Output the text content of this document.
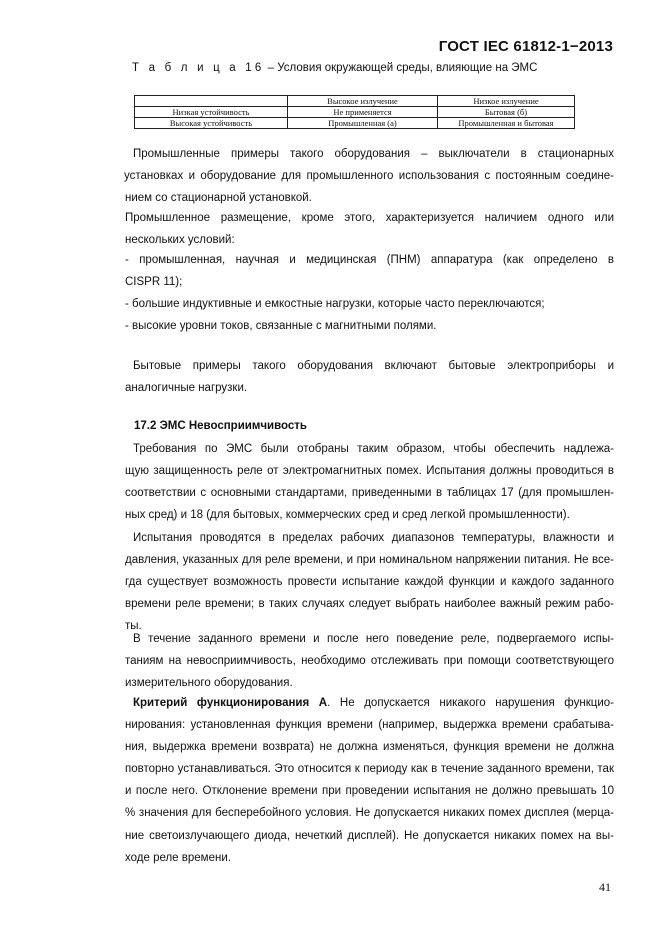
ГОСТ IEC 61812-1−2013
Т а б л и ц а 16 – Условия окружающей среды, влияющие на ЭМС
	Высокое излучение	Низкое излучение
Низкая устойчивость	Не применяется	Бытовая (б)
Высокая устойчивость	Промышленная (а)	Промышленная и бытовая
Промышленные примеры такого оборудования – выключатели в стационарных
установках и оборудование для промышленного использования с постоянным соедине-
нием со стационарной установкой.
Промышленное размещение, кроме этого, характеризуется наличием одного или
нескольких условий:
- промышленная, научная и медицинская (ПНМ) аппаратура (как определено в
CISPR 11);
- большие индуктивные и емкостные нагрузки, которые часто переключаются;
- высокие уровни токов, связанные с магнитными полями.
Бытовые примеры такого оборудования включают бытовые электроприборы и
аналогичные нагрузки.
17.2 ЭМС Невосприимчивость
Требования по ЭМС были отобраны таким образом, чтобы обеспечить надлежа-
щую защищенность реле от электромагнитных помех. Испытания должны проводиться в
соответствии с основными стандартами, приведенными в таблицах 17 (для промышлен-
ных сред) и 18 (для бытовых, коммерческих сред и сред легкой промышленности).
Испытания проводятся в пределах рабочих диапазонов температуры, влажности и
давления, указанных для реле времени, и при номинальном напряжении питания. Не все-
гда существует возможность провести испытание каждой функции и каждого заданного
времени реле времени; в таких случаях следует выбрать наиболее важный режим рабо-
ты.
В течение заданного времени и после него поведение реле, подвергаемого испы-
таниям на невосприимчивость, необходимо отслеживать при помощи соответствующего
измерительного оборудования.
Критерий функционирования А. Не допускается никакого нарушения функцио-
нирования: установленная функция времени (например, выдержка времени срабатыва-
ния, выдержка времени возврата) не должна изменяться, функция времени не должна
повторно устанавливаться. Это относится к периоду как в течение заданного времени, так
и после него. Отклонение времени при проведении испытания не должно превышать 10
% значения для бесперебойного условия. Не допускается никаких помех дисплея (мерца-
ние светоизлучающего диода, нечеткий дисплей). Не допускается никаких помех на вы-
ходе реле времени.
41
